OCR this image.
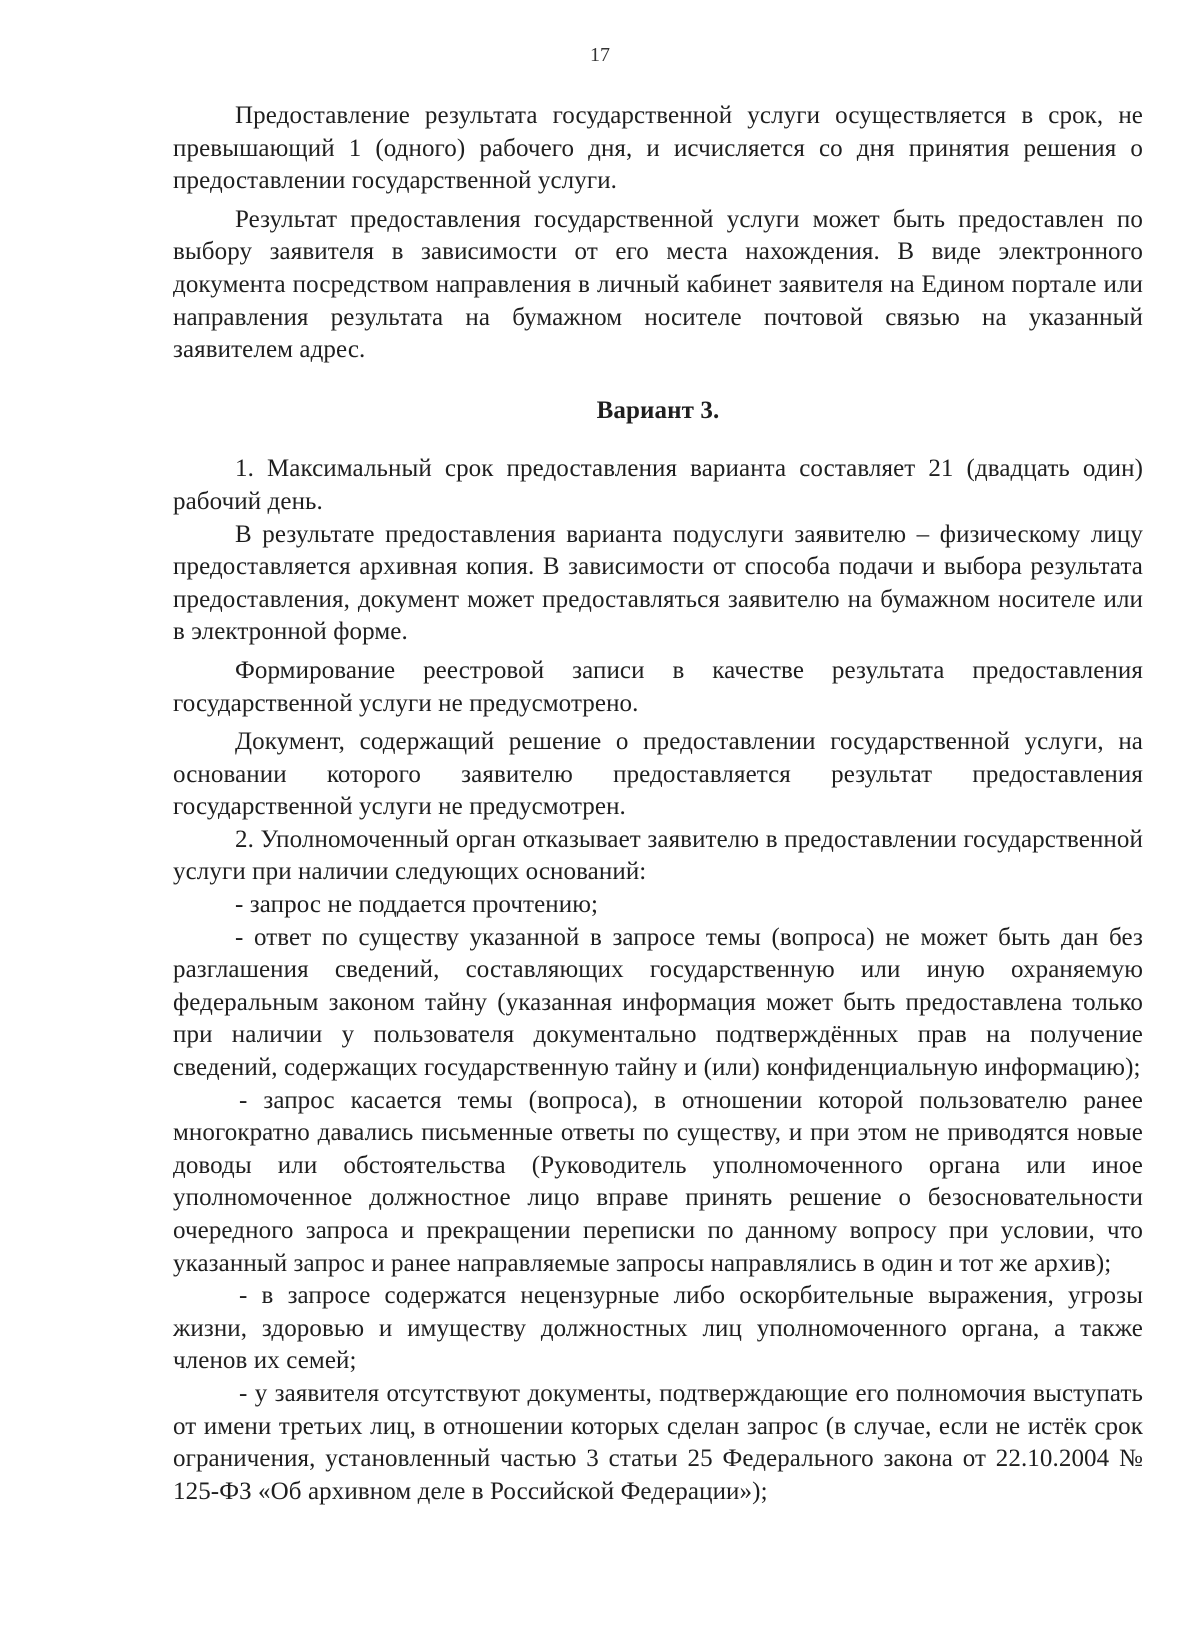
17

Предоставление результата государственной услуги осуществляется в срок, не превышающий 1 (одного) рабочего дня, и исчисляется со дня принятия решения о предоставлении государственной услуги.

Результат предоставления государственной услуги может быть предоставлен по выбору заявителя в зависимости от его места нахождения. В виде электронного документа посредством направления в личный кабинет заявителя на Едином портале или направления результата на бумажном носителе почтовой связью на указанный заявителем адрес.

Вариант 3.

1. Максимальный срок предоставления варианта составляет 21 (двадцать один) рабочий день.

В результате предоставления варианта подуслуги заявителю – физическому лицу предоставляется архивная копия. В зависимости от способа подачи и выбора результата предоставления, документ может предоставляться заявителю на бумажном носителе или в электронной форме.

Формирование реестровой записи в качестве результата предоставления государственной услуги не предусмотрено.

Документ, содержащий решение о предоставлении государственной услуги, на основании которого заявителю предоставляется результат предоставления государственной услуги не предусмотрен.

2. Уполномоченный орган отказывает заявителю в предоставлении государственной услуги при наличии следующих оснований:

- запрос не поддается прочтению;

- ответ по существу указанной в запросе темы (вопроса) не может быть дан без разглашения сведений, составляющих государственную или иную охраняемую федеральным законом тайну (указанная информация может быть предоставлена только при наличии у пользователя документально подтверждённых прав на получение сведений, содержащих государственную тайну и (или) конфиденциальную информацию);

- запрос касается темы (вопроса), в отношении которой пользователю ранее многократно давались письменные ответы по существу, и при этом не приводятся новые доводы или обстоятельства (Руководитель уполномоченного органа или иное уполномоченное должностное лицо вправе принять решение о безосновательности очередного запроса и прекращении переписки по данному вопросу при условии, что указанный запрос и ранее направляемые запросы направлялись в один и тот же архив);

- в запросе содержатся нецензурные либо оскорбительные выражения, угрозы жизни, здоровью и имуществу должностных лиц уполномоченного органа, а также членов их семей;

- у заявителя отсутствуют документы, подтверждающие его полномочия выступать от имени третьих лиц, в отношении которых сделан запрос (в случае, если не истёк срок ограничения, установленный частью 3 статьи 25 Федерального закона от 22.10.2004 № 125-ФЗ «Об архивном деле в Российской Федерации»);
